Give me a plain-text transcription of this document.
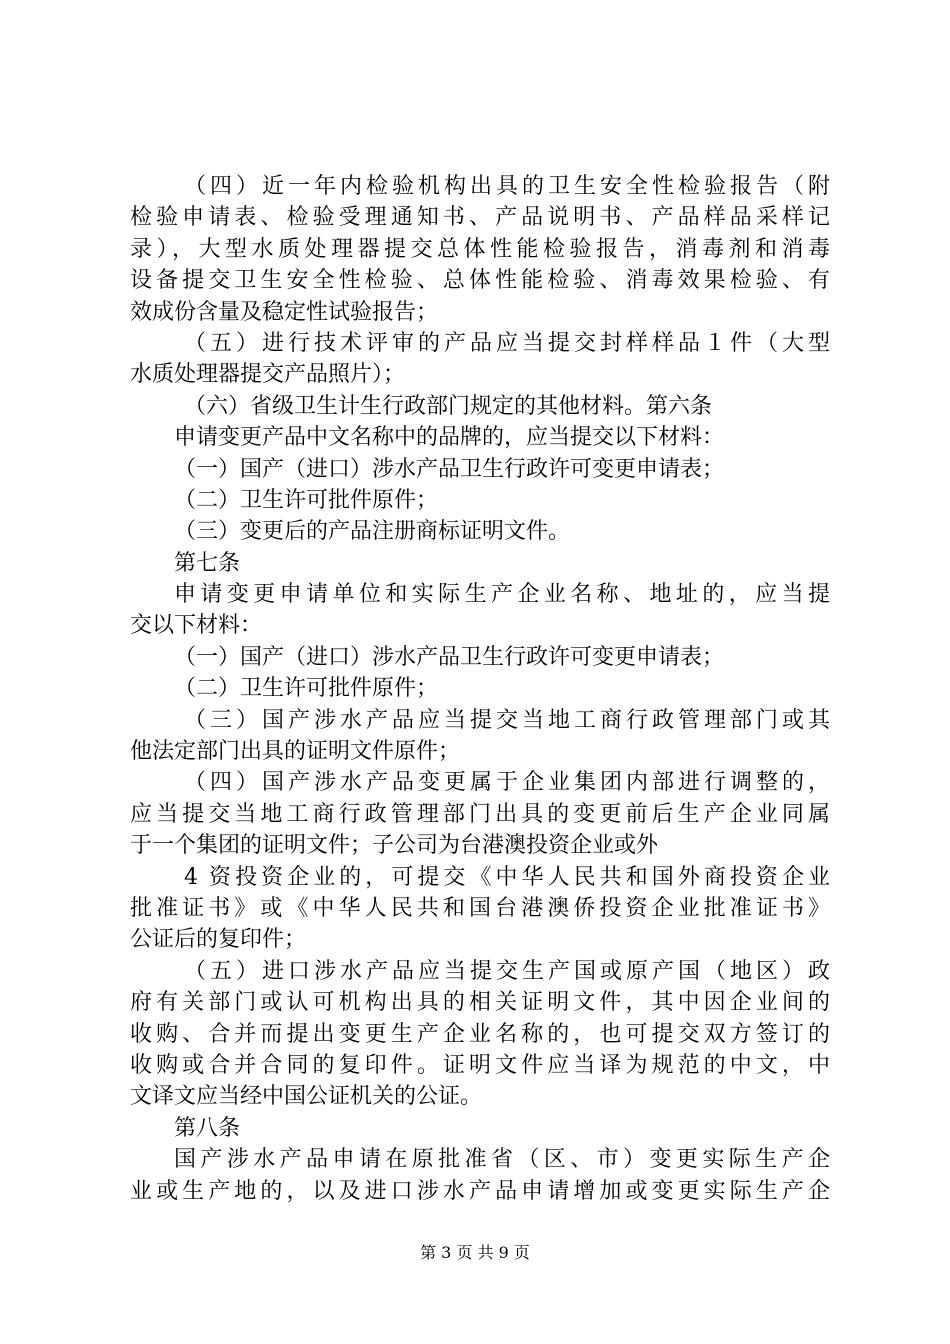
（四）近一年内检验机构出具的卫生安全性检验报告（附
检验申请表、检验受理通知书、产品说明书、产品样品采样记
录），大型水质处理器提交总体性能检验报告，消毒剂和消毒
设备提交卫生安全性检验、总体性能检验、消毒效果检验、有
效成份含量及稳定性试验报告；
（五）进行技术评审的产品应当提交封样样品１件（大型
水质处理器提交产品照片）；
（六）省级卫生计生行政部门规定的其他材料。第六条
申请变更产品中文名称中的品牌的，应当提交以下材料：
（一）国产（进口）涉水产品卫生行政许可变更申请表；
（二）卫生许可批件原件；
（三）变更后的产品注册商标证明文件。
第七条
申请变更申请单位和实际生产企业名称、地址的，应当提
交以下材料：
（一）国产（进口）涉水产品卫生行政许可变更申请表；
（二）卫生许可批件原件；
（三）国产涉水产品应当提交当地工商行政管理部门或其
他法定部门出具的证明文件原件；
（四）国产涉水产品变更属于企业集团内部进行调整的，
应当提交当地工商行政管理部门出具的变更前后生产企业同属
于一个集团的证明文件；子公司为台港澳投资企业或外
4 资投资企业的，可提交《中华人民共和国外商投资企业
批准证书》或《中华人民共和国台港澳侨投资企业批准证书》
公证后的复印件；
（五）进口涉水产品应当提交生产国或原产国（地区）政
府有关部门或认可机构出具的相关证明文件，其中因企业间的
收购、合并而提出变更生产企业名称的，也可提交双方签订的
收购或合并合同的复印件。证明文件应当译为规范的中文，中
文译文应当经中国公证机关的公证。
第八条
国产涉水产品申请在原批准省（区、市）变更实际生产企
业或生产地的，以及进口涉水产品申请增加或变更实际生产企
第 3 页 共 9 页
